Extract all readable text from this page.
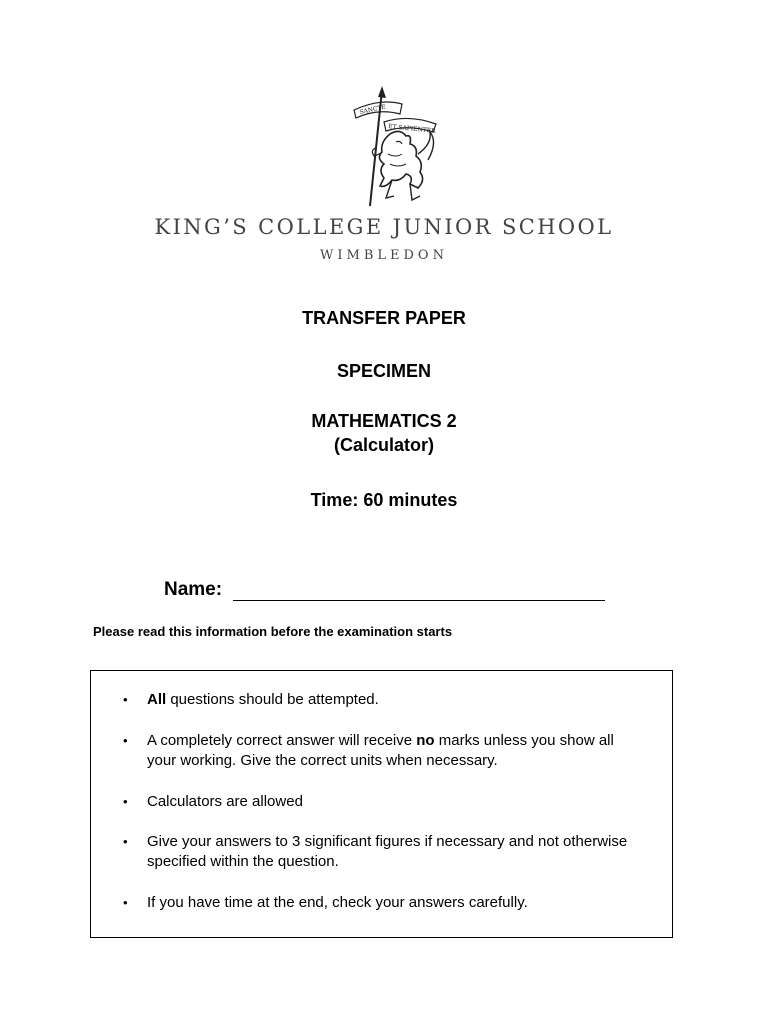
SANCTE
ET SAPIENTER
KING’S COLLEGE JUNIOR SCHOOL
WIMBLEDON
TRANSFER PAPER
SPECIMEN
MATHEMATICS 2
(Calculator)
Time: 60 minutes
Name:
Please read this information before the examination starts
• All questions should be attempted.
• A completely correct answer will receive no marks unless you show all your working. Give the correct units when necessary.
• Calculators are allowed
• Give your answers to 3 significant figures if necessary and not otherwise specified within the question.
• If you have time at the end, check your answers carefully.
